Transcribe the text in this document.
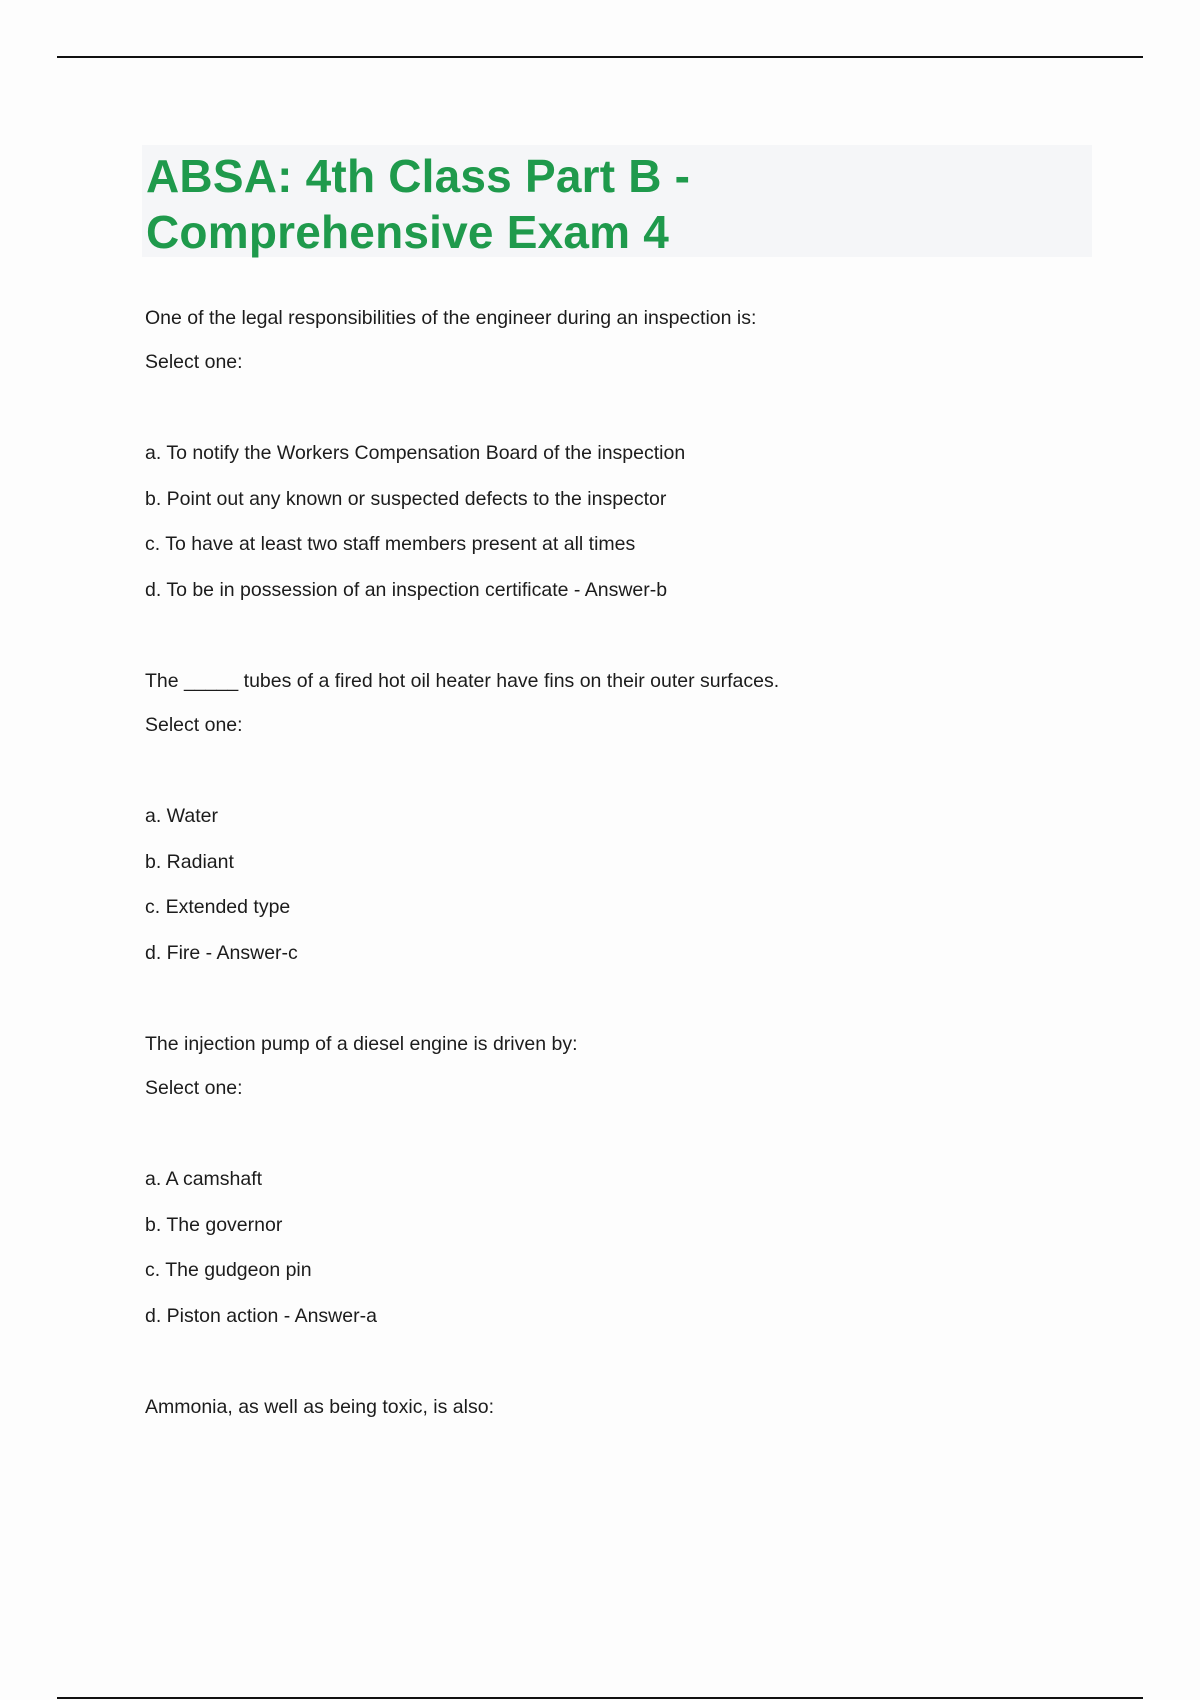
ABSA: 4th Class Part B -
Comprehensive Exam 4

One of the legal responsibilities of the engineer during an inspection is:

Select one:

a. To notify the Workers Compensation Board of the inspection

b. Point out any known or suspected defects to the inspector

c. To have at least two staff members present at all times

d. To be in possession of an inspection certificate - Answer-b

The _____ tubes of a fired hot oil heater have fins on their outer surfaces.

Select one:

a. Water

b. Radiant

c. Extended type

d. Fire - Answer-c

The injection pump of a diesel engine is driven by:

Select one:

a. A camshaft

b. The governor

c. The gudgeon pin

d. Piston action - Answer-a

Ammonia, as well as being toxic, is also:
